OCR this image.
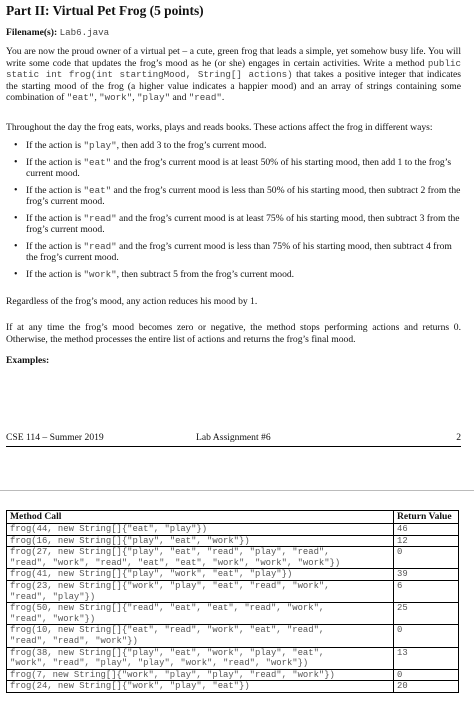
Part II: Virtual Pet Frog (5 points)
Filename(s): Lab6.java

You are now the proud owner of a virtual pet – a cute, green frog that leads a simple, yet somehow busy life. You will write some code that updates the frog’s mood as he (or she) engages in certain activities. Write a method public static int frog(int startingMood, String[] actions) that takes a positive integer that indicates the starting mood of the frog (a higher value indicates a happier mood) and an array of strings containing some combination of "eat", "work", "play" and "read".

Throughout the day the frog eats, works, plays and reads books. These actions affect the frog in different ways:

• If the action is "play", then add 3 to the frog’s current mood.
• If the action is "eat" and the frog’s current mood is at least 50% of his starting mood, then add 1 to the frog’s current mood.
• If the action is "eat" and the frog’s current mood is less than 50% of his starting mood, then subtract 2 from the frog’s current mood.
• If the action is "read" and the frog’s current mood is at least 75% of his starting mood, then subtract 3 from the frog’s current mood.
• If the action is "read" and the frog’s current mood is less than 75% of his starting mood, then subtract 4 from the frog’s current mood.
• If the action is "work", then subtract 5 from the frog’s current mood.

Regardless of the frog’s mood, any action reduces his mood by 1.

If at any time the frog’s mood becomes zero or negative, the method stops performing actions and returns 0. Otherwise, the method processes the entire list of actions and returns the frog’s final mood.

Examples:
CSE 114 – Summer 2019	Lab Assignment #6	2
Method Call	Return Value
frog(44, new String[]{"eat", "play"})	46
frog(16, new String[]{"play", "eat", "work"})	12
frog(27, new String[]{"play", "eat", "read", "play", "read",
"read", "work", "read", "eat", "eat", "work", "work", "work"})	0
frog(41, new String[]{"play", "work", "eat", "play"})	39
frog(23, new String[]{"work", "play", "eat", "read", "work",
"read", "play"})	6
frog(50, new String[]{"read", "eat", "eat", "read", "work",
"read", "work"})	25
frog(10, new String[]{"eat", "read", "work", "eat", "read",
"read", "read", "work"})	0
frog(38, new String[]{"play", "eat", "work", "play", "eat",
"work", "read", "play", "play", "work", "read", "work"})	13
frog(7, new String[]{"work", "play", "play", "read", "work"})	0
frog(24, new String[]{"work", "play", "eat"})	20
